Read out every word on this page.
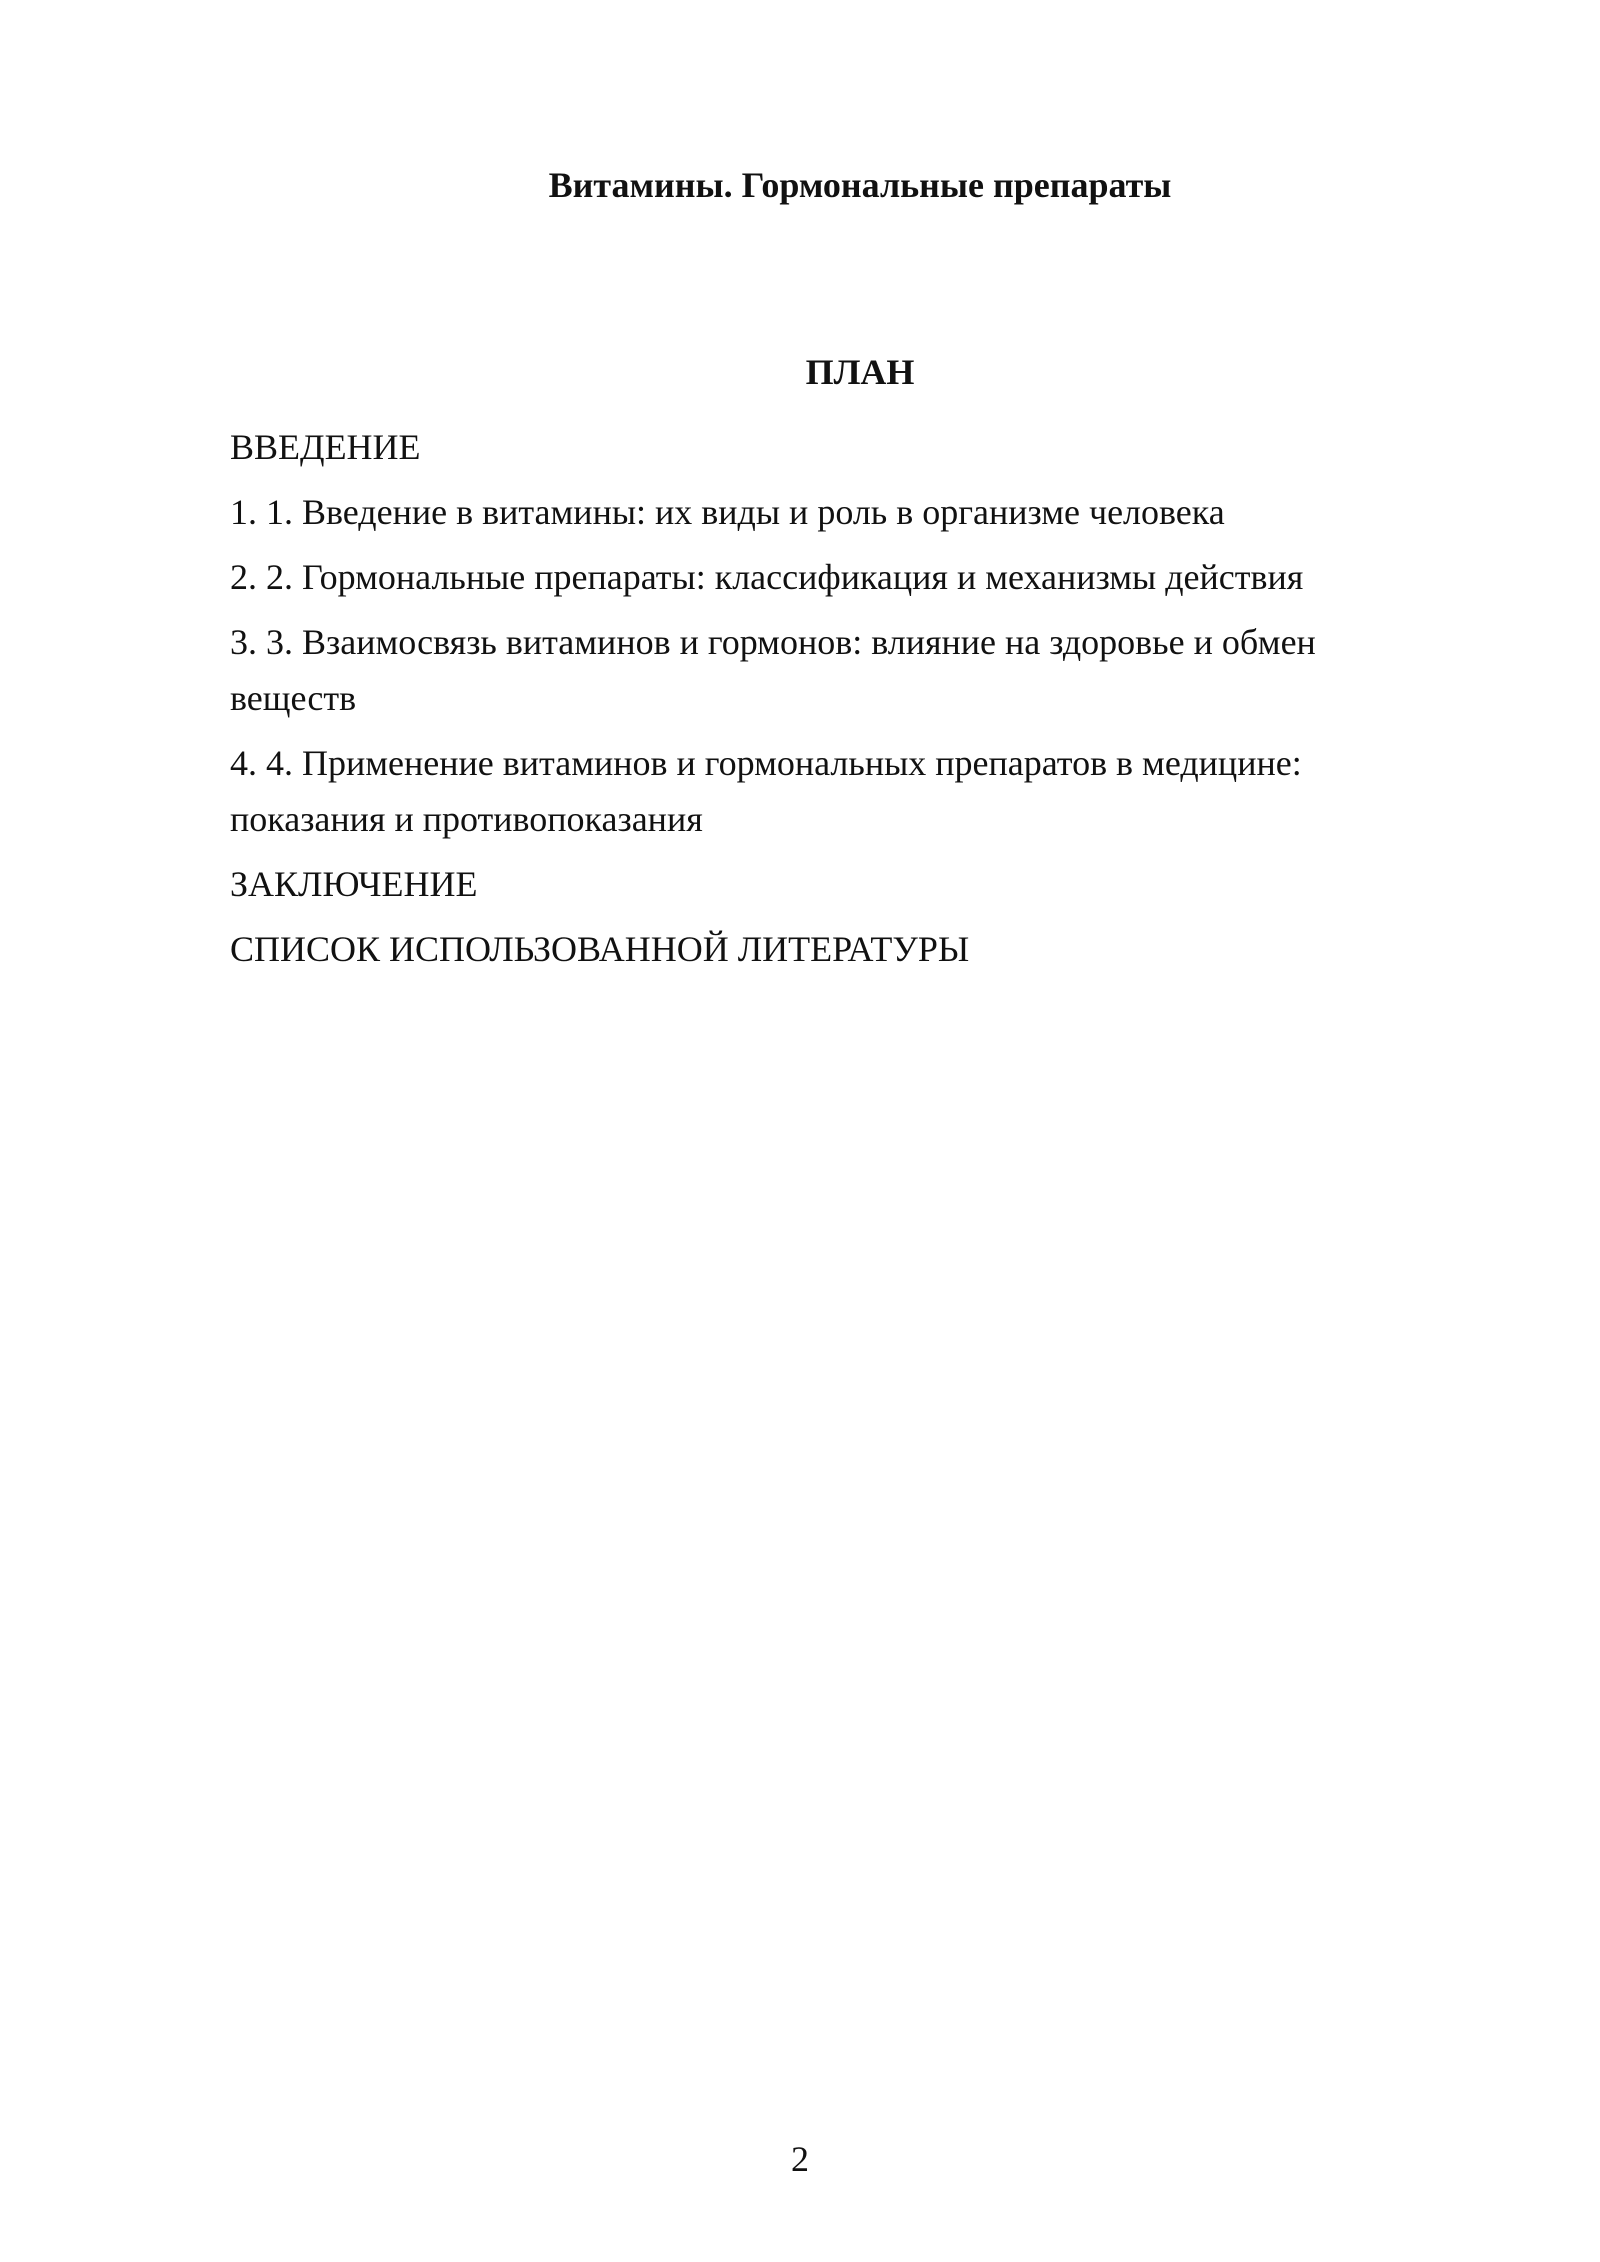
Витамины. Гормональные препараты
ПЛАН
ВВЕДЕНИЕ
1. 1. Введение в витамины: их виды и роль в организме человека
2. 2. Гормональные препараты: классификация и механизмы действия
3. 3. Взаимосвязь витаминов и гормонов: влияние на здоровье и обмен веществ
4. 4. Применение витаминов и гормональных препаратов в медицине: показания и противопоказания
ЗАКЛЮЧЕНИЕ
СПИСОК ИСПОЛЬЗОВАННОЙ ЛИТЕРАТУРЫ
2
